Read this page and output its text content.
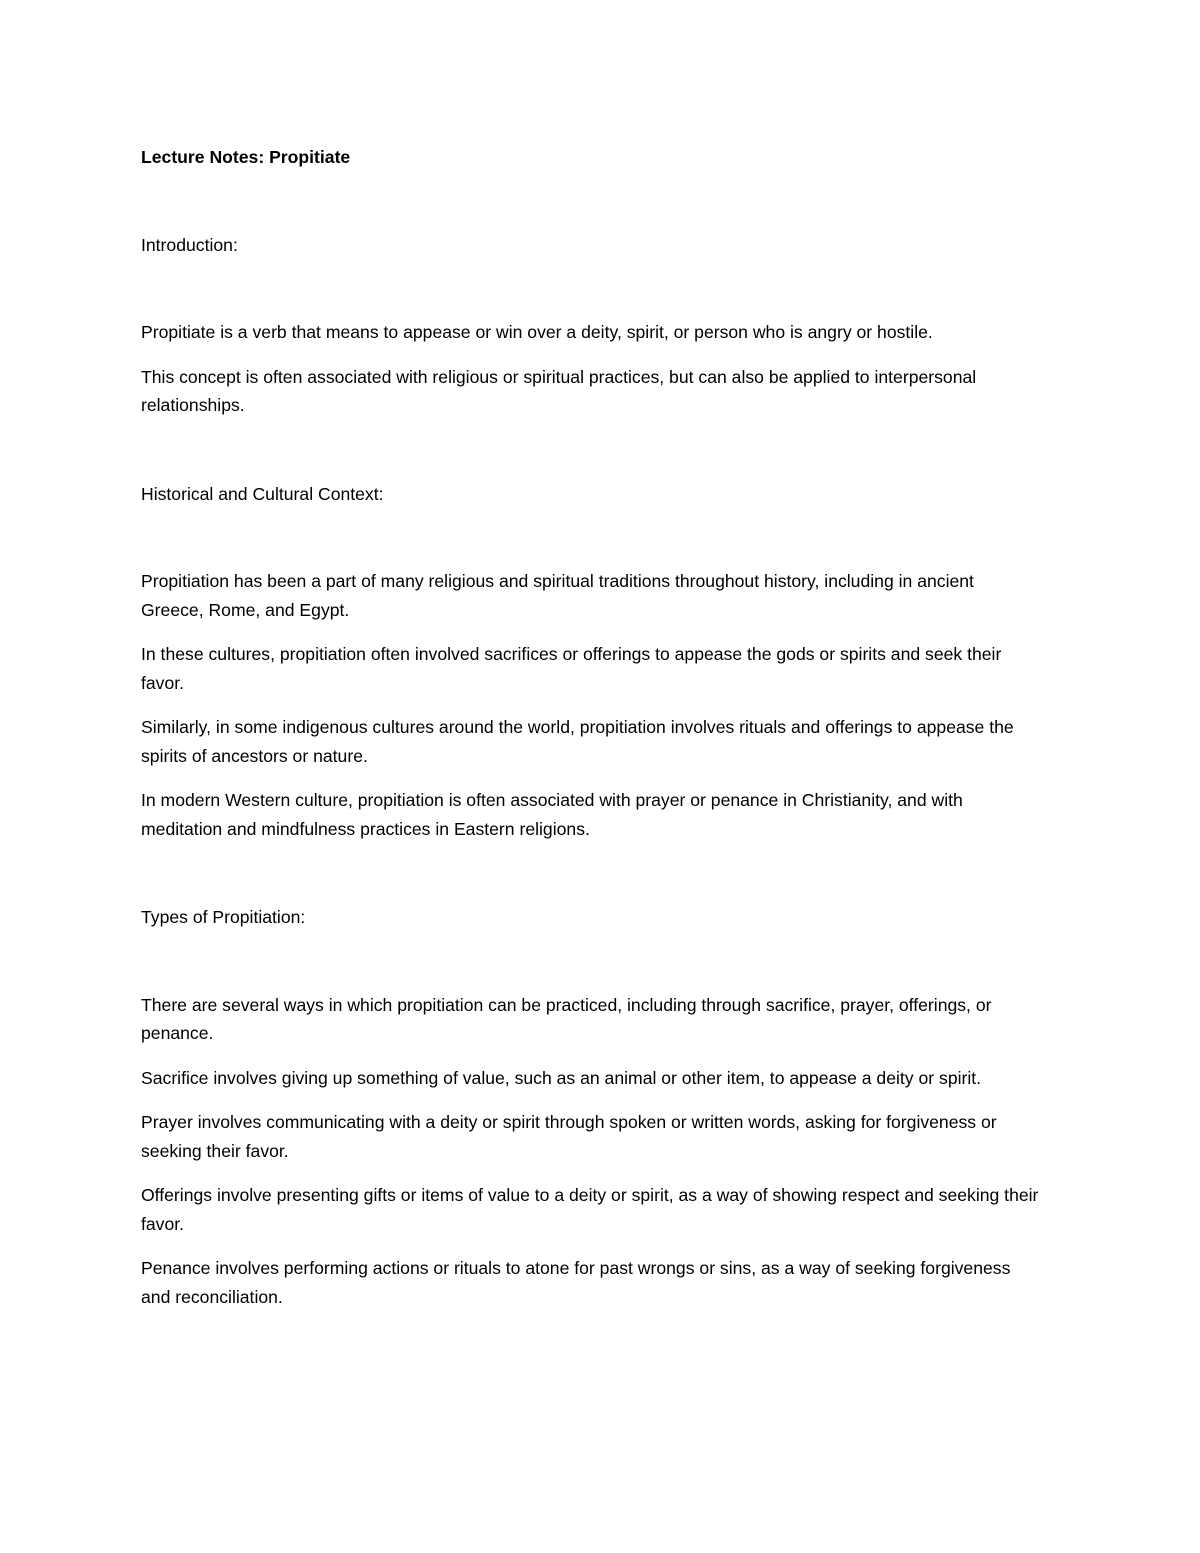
Lecture Notes: Propitiate

Introduction:

Propitiate is a verb that means to appease or win over a deity, spirit, or person who is angry or hostile.

This concept is often associated with religious or spiritual practices, but can also be applied to interpersonal relationships.

Historical and Cultural Context:

Propitiation has been a part of many religious and spiritual traditions throughout history, including in ancient Greece, Rome, and Egypt.

In these cultures, propitiation often involved sacrifices or offerings to appease the gods or spirits and seek their favor.

Similarly, in some indigenous cultures around the world, propitiation involves rituals and offerings to appease the spirits of ancestors or nature.

In modern Western culture, propitiation is often associated with prayer or penance in Christianity, and with meditation and mindfulness practices in Eastern religions.

Types of Propitiation:

There are several ways in which propitiation can be practiced, including through sacrifice, prayer, offerings, or penance.

Sacrifice involves giving up something of value, such as an animal or other item, to appease a deity or spirit.

Prayer involves communicating with a deity or spirit through spoken or written words, asking for forgiveness or seeking their favor.

Offerings involve presenting gifts or items of value to a deity or spirit, as a way of showing respect and seeking their favor.

Penance involves performing actions or rituals to atone for past wrongs or sins, as a way of seeking forgiveness and reconciliation.
